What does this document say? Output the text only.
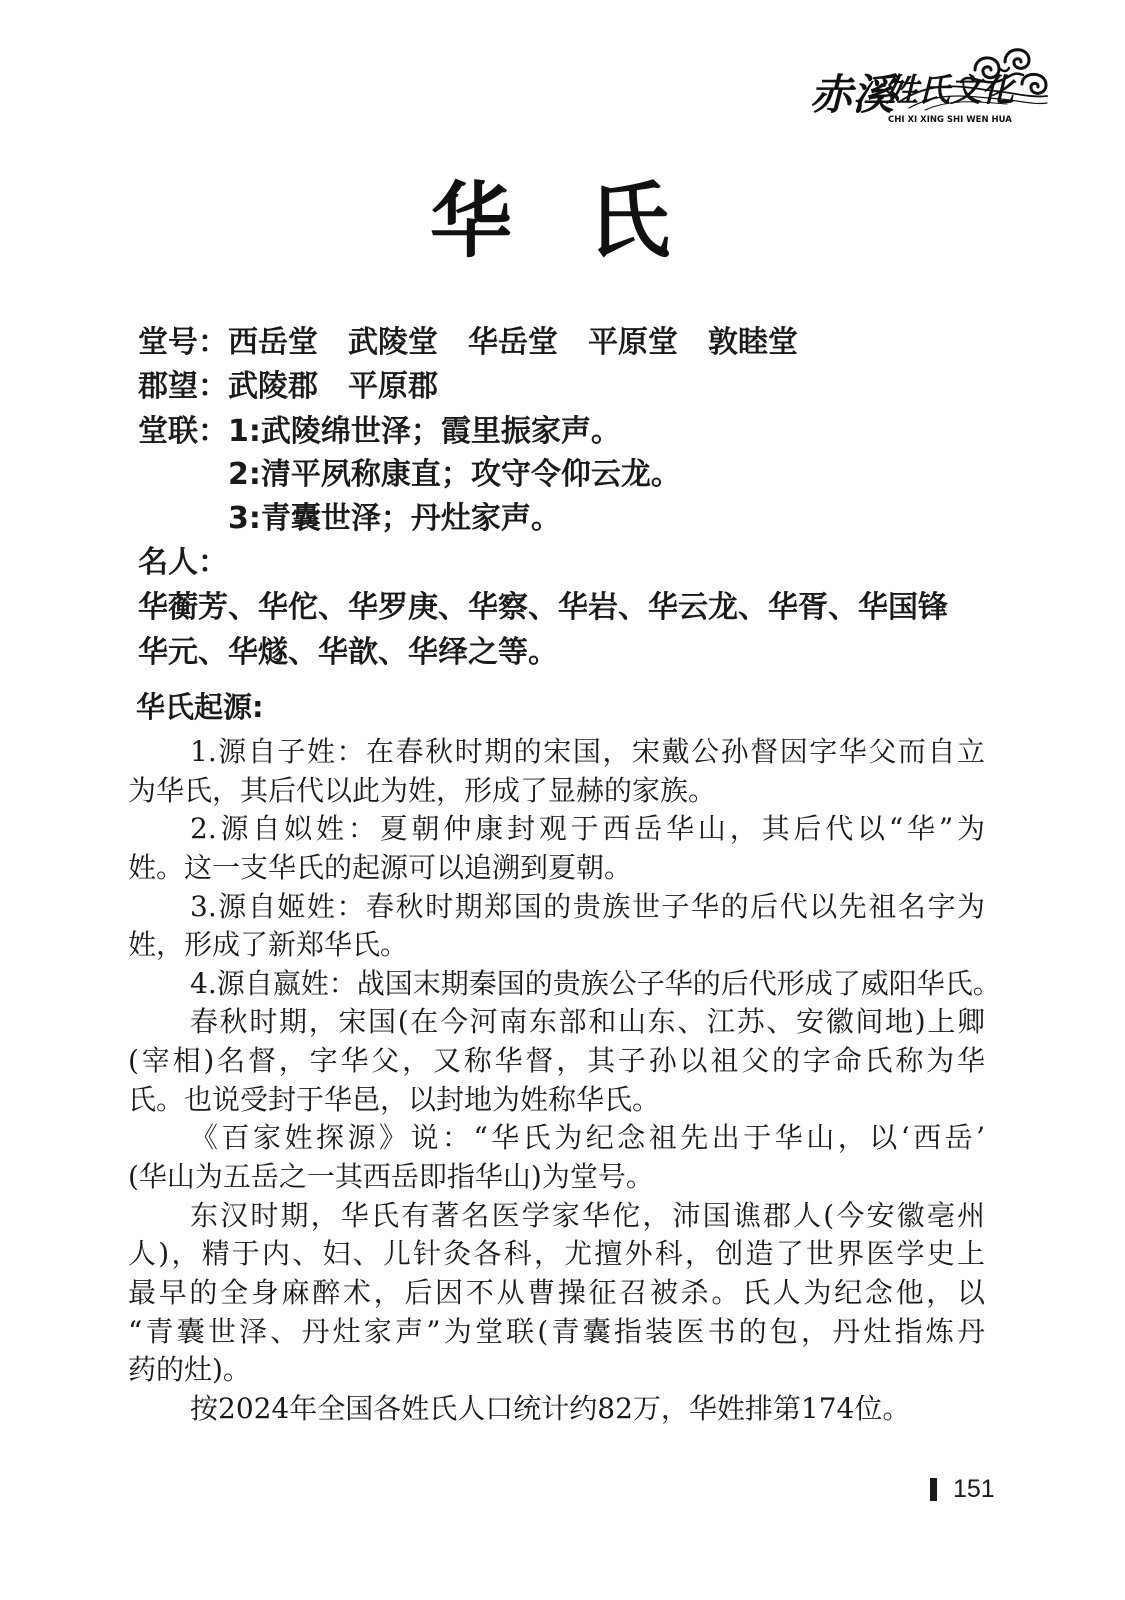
赤溪
姓氏文化
CHI XI XING SHI WEN HUA
华氏
堂号：西岳堂 武陵堂 华岳堂 平原堂 敦睦堂
郡望：武陵郡 平原郡
堂联：1:武陵绵世泽；霞里振家声。
2:清平夙称康直；攻守令仰云龙。
3:青囊世泽；丹灶家声。
名人：
华蘅芳、华佗、华罗庚、华察、华岩、华云龙、华胥、华国锋
华元、华燧、华歆、华绎之等。
华氏起源:
1.源自子姓：在春秋时期的宋国，宋戴公孙督因字华父而自立
为华氏，其后代以此为姓，形成了显赫的家族。
2.源自姒姓：夏朝仲康封观于西岳华山，其后代以“华”为
姓。这一支华氏的起源可以追溯到夏朝。
3.源自姬姓：春秋时期郑国的贵族世子华的后代以先祖名字为
姓，形成了新郑华氏。
4.源自嬴姓：战国末期秦国的贵族公子华的后代形成了威阳华氏。
春秋时期，宋国(在今河南东部和山东、江苏、安徽间地)上卿
(宰相)名督，字华父，又称华督，其子孙以祖父的字命氏称为华
氏。也说受封于华邑，以封地为姓称华氏。
《百家姓探源》说：“华氏为纪念祖先出于华山，以‘西岳’
(华山为五岳之一其西岳即指华山)为堂号。
东汉时期，华氏有著名医学家华佗，沛国谯郡人(今安徽亳州
人)，精于内、妇、儿针灸各科，尤擅外科，创造了世界医学史上
最早的全身麻醉术，后因不从曹操征召被杀。氏人为纪念他，以
“青囊世泽、丹灶家声”为堂联(青囊指装医书的包，丹灶指炼丹
药的灶)。
按2024年全国各姓氏人口统计约82万，华姓排第174位。
151
